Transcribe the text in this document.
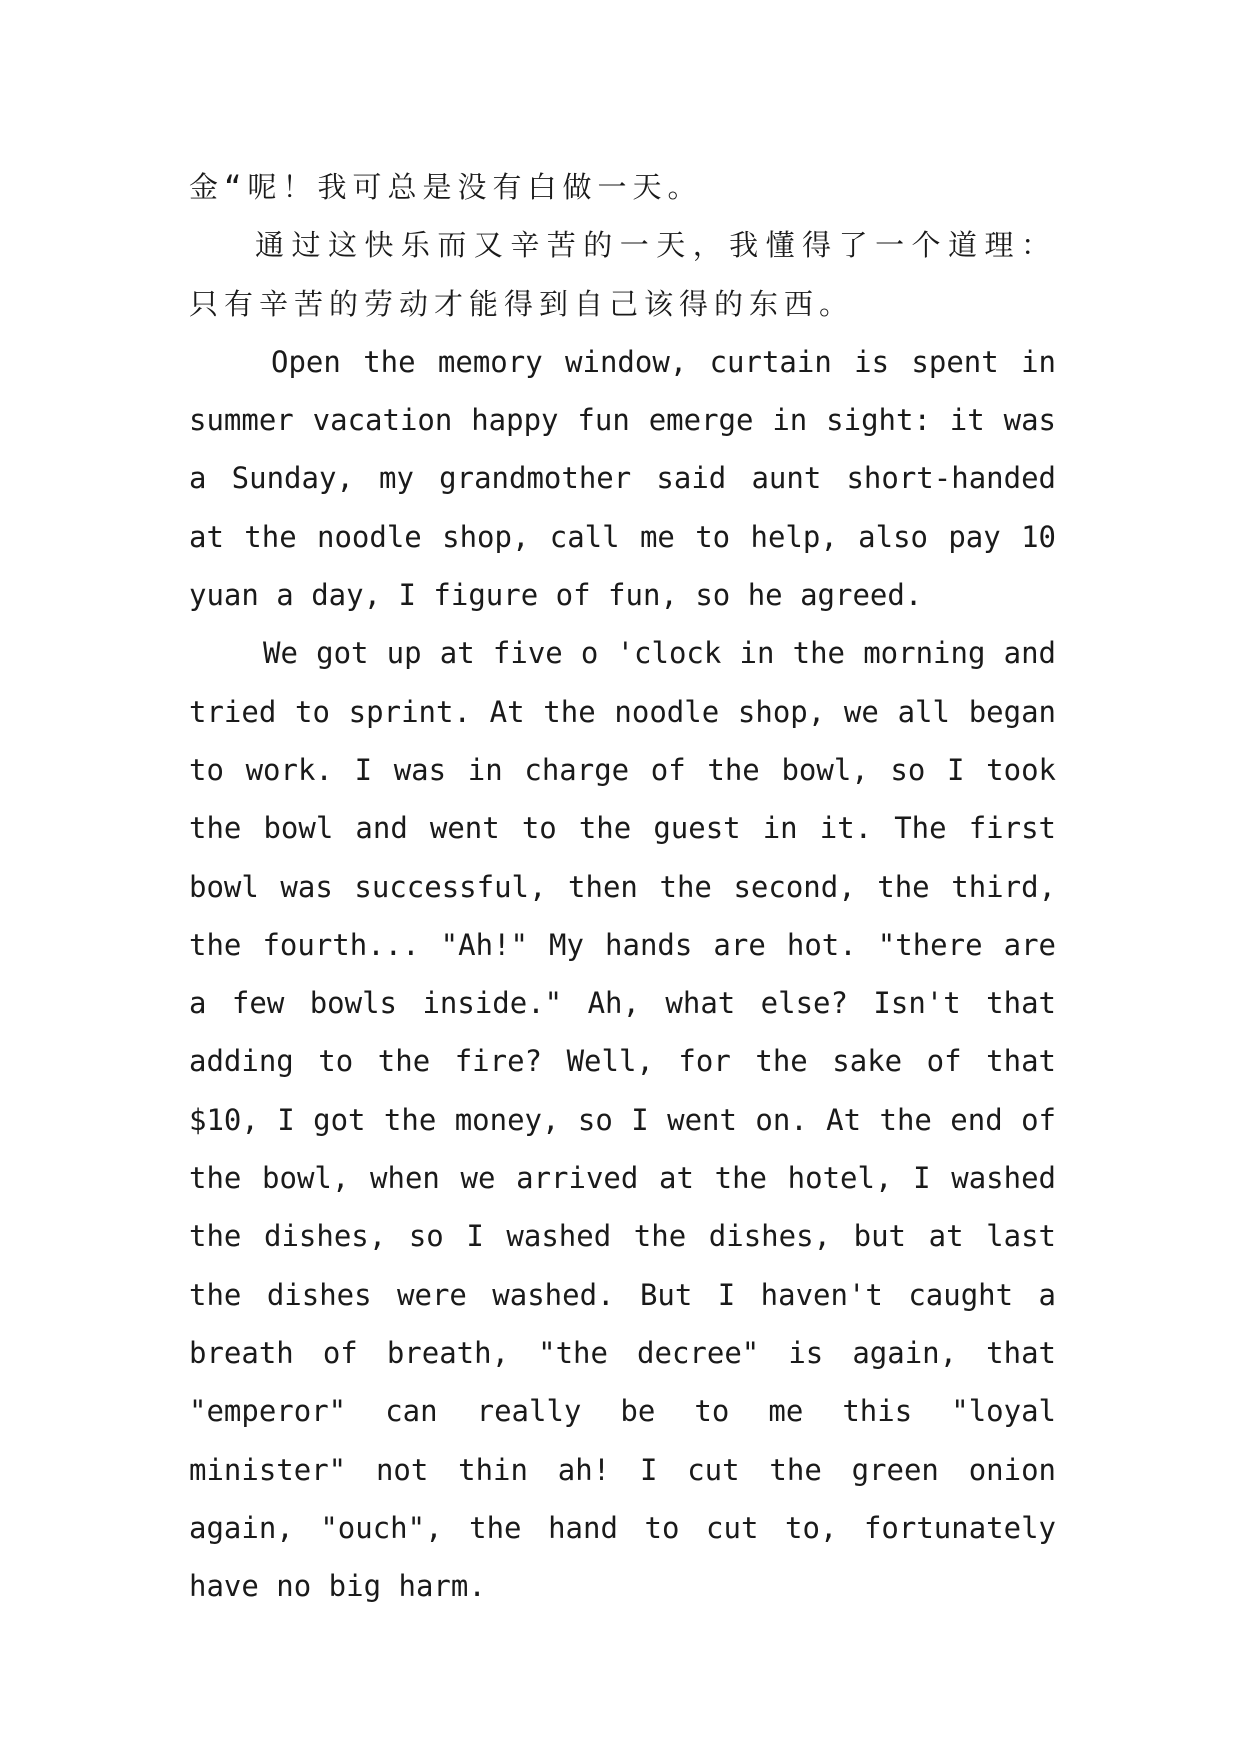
金“呢！我可总是没有白做一天。

通过这快乐而又辛苦的一天，我懂得了一个道理：只有辛苦的劳动才能得到自己该得的东西。

Open the memory window, curtain is spent in summer vacation happy fun emerge in sight: it was a Sunday, my grandmother said aunt short-handed at the noodle shop, call me to help, also pay 10 yuan a day, I figure of fun, so he agreed.

We got up at five o 'clock in the morning and tried to sprint. At the noodle shop, we all began to work. I was in charge of the bowl, so I took the bowl and went to the guest in it. The first bowl was successful, then the second, the third, the fourth... "Ah!" My hands are hot. "there are a few bowls inside." Ah, what else? Isn't that adding to the fire? Well, for the sake of that $10, I got the money, so I went on. At the end of the bowl, when we arrived at the hotel, I washed the dishes, so I washed the dishes, but at last the dishes were washed. But I haven't caught a breath of breath, "the decree" is again, that "emperor" can really be to me this "loyal minister" not thin ah! I cut the green onion again, "ouch", the hand to cut to, fortunately have no big harm.
